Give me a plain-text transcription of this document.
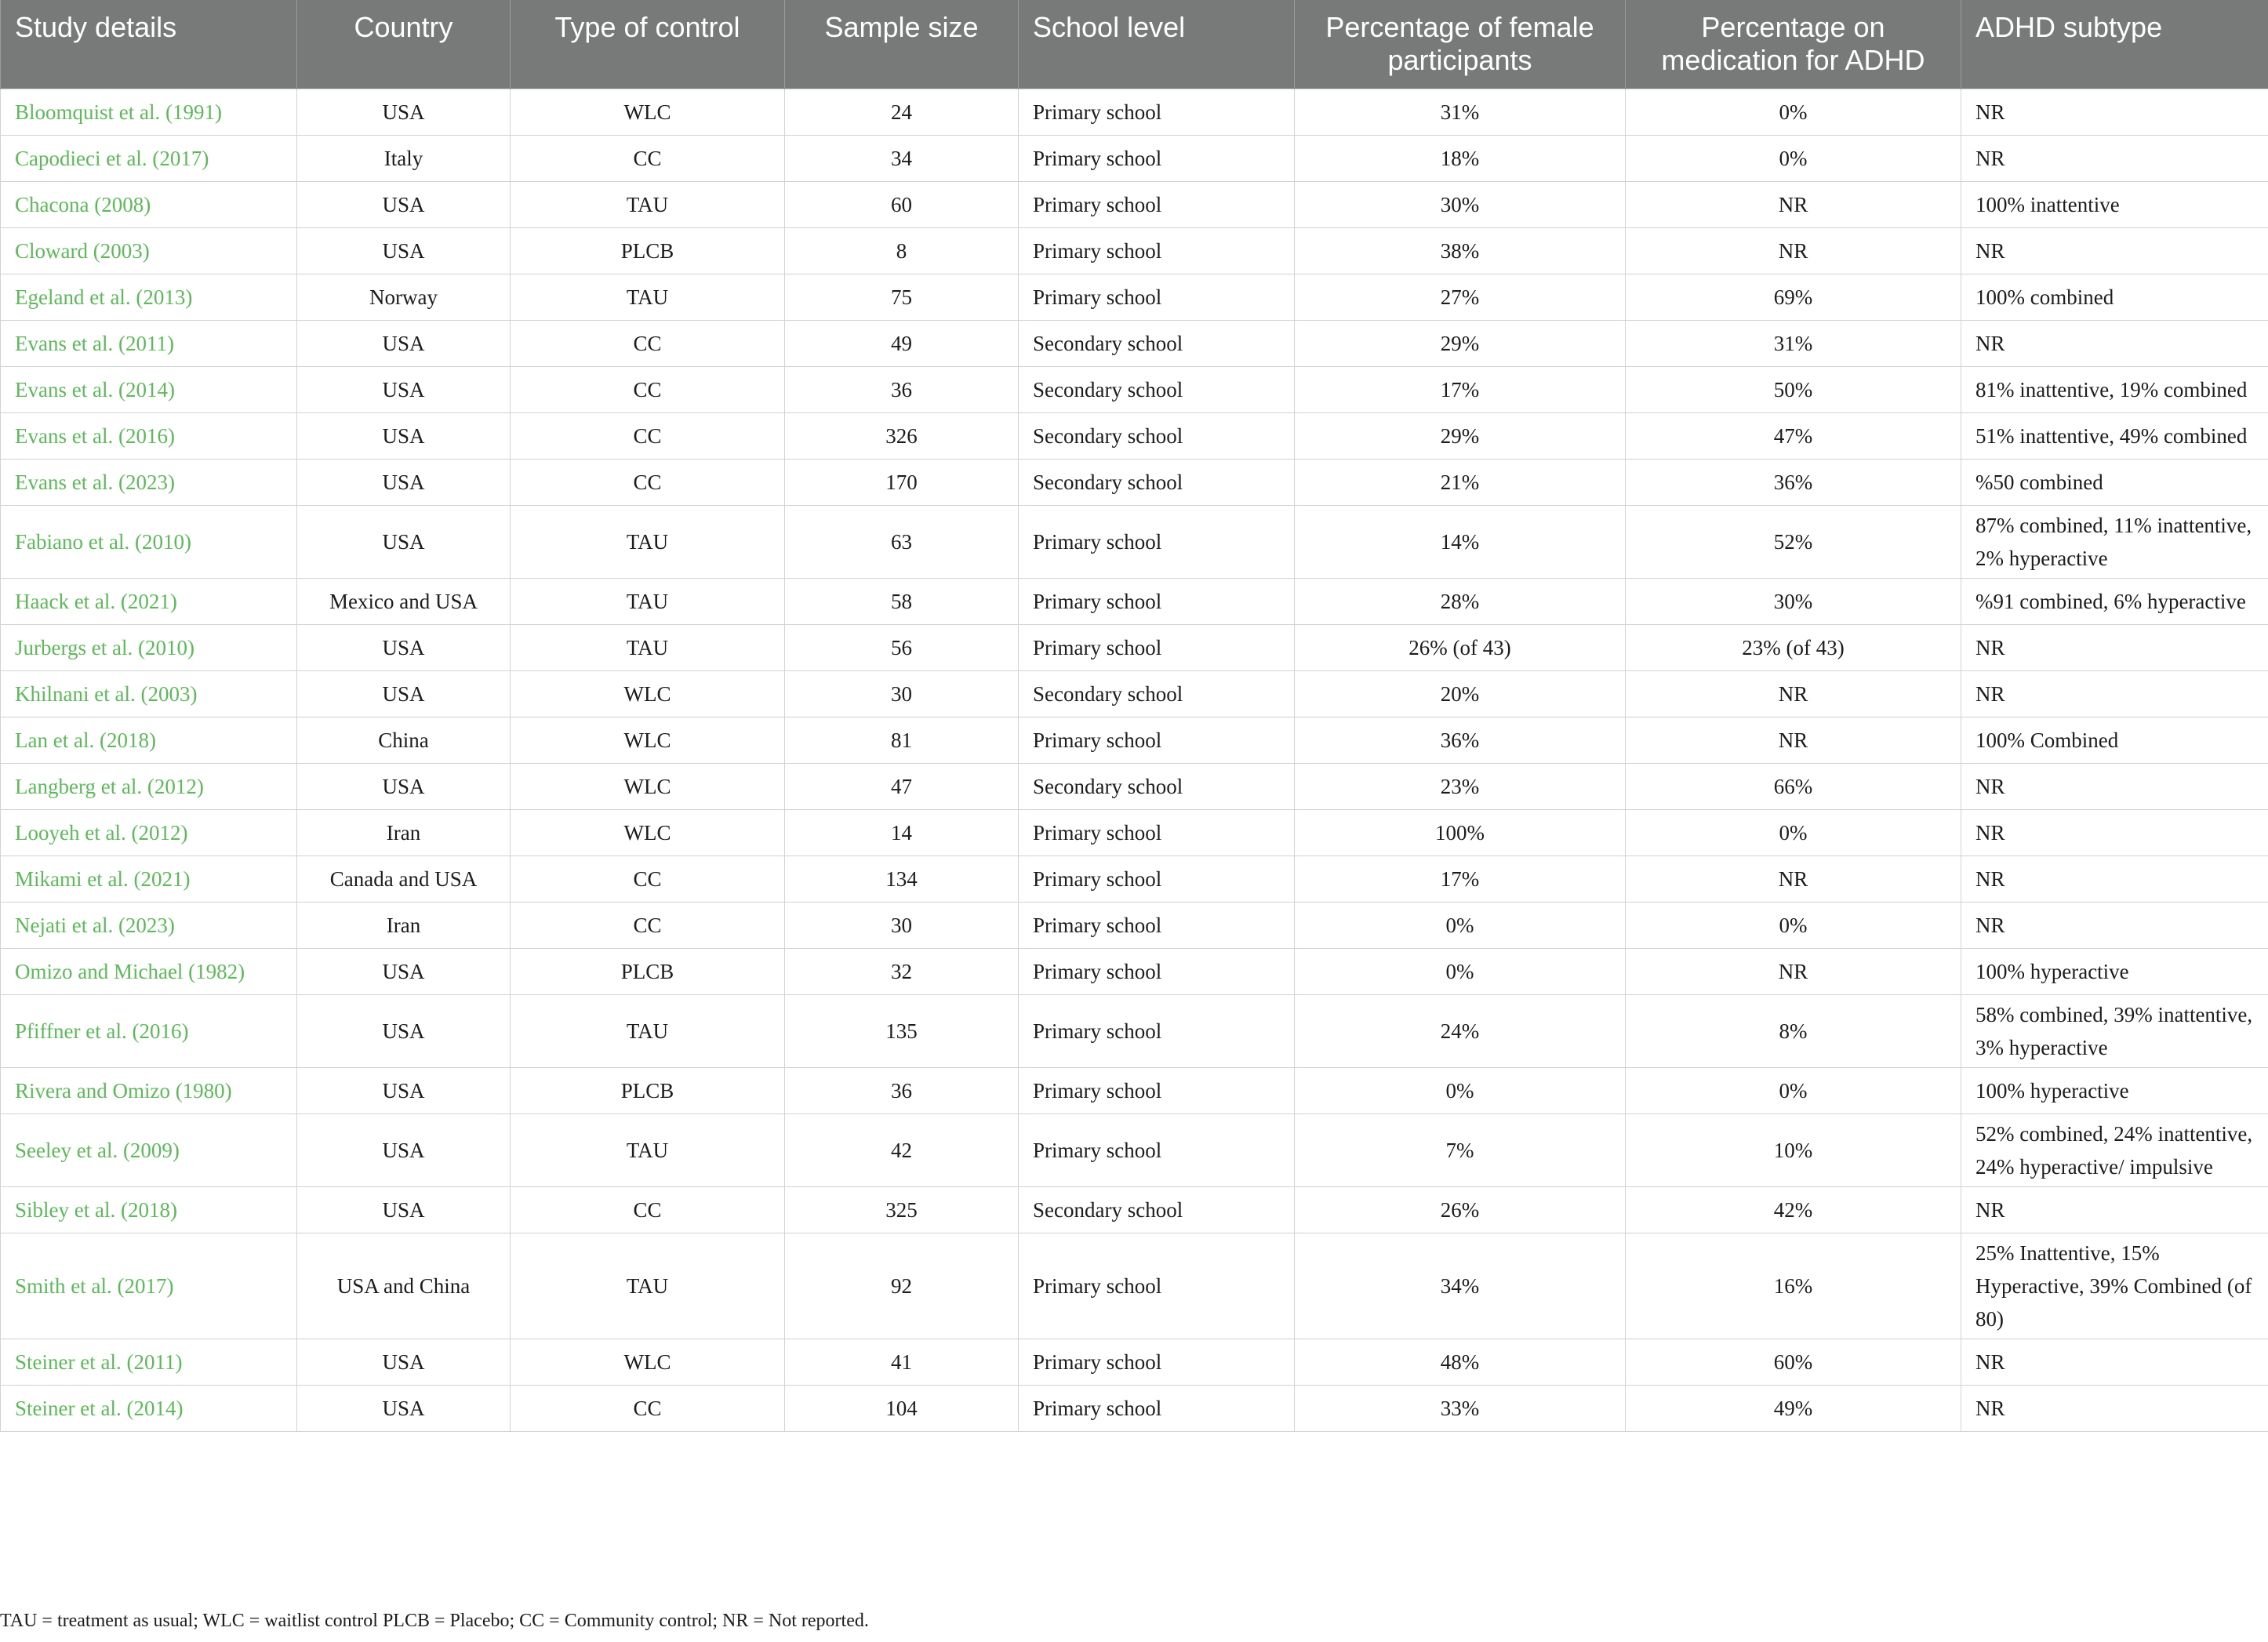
Study details	Country	Type of control	Sample size	School level	Percentage of female participants	Percentage on medication for ADHD	ADHD subtype
Bloomquist et al. (1991)	USA	WLC	24	Primary school	31%	0%	NR
Capodieci et al. (2017)	Italy	CC	34	Primary school	18%	0%	NR
Chacona (2008)	USA	TAU	60	Primary school	30%	NR	100% inattentive
Cloward (2003)	USA	PLCB	8	Primary school	38%	NR	NR
Egeland et al. (2013)	Norway	TAU	75	Primary school	27%	69%	100% combined
Evans et al. (2011)	USA	CC	49	Secondary school	29%	31%	NR
Evans et al. (2014)	USA	CC	36	Secondary school	17%	50%	81% inattentive, 19% combined
Evans et al. (2016)	USA	CC	326	Secondary school	29%	47%	51% inattentive, 49% combined
Evans et al. (2023)	USA	CC	170	Secondary school	21%	36%	%50 combined
Fabiano et al. (2010)	USA	TAU	63	Primary school	14%	52%	87% combined, 11% inattentive, 2% hyperactive
Haack et al. (2021)	Mexico and USA	TAU	58	Primary school	28%	30%	%91 combined, 6% hyperactive
Jurbergs et al. (2010)	USA	TAU	56	Primary school	26% (of 43)	23% (of 43)	NR
Khilnani et al. (2003)	USA	WLC	30	Secondary school	20%	NR	NR
Lan et al. (2018)	China	WLC	81	Primary school	36%	NR	100% Combined
Langberg et al. (2012)	USA	WLC	47	Secondary school	23%	66%	NR
Looyeh et al. (2012)	Iran	WLC	14	Primary school	100%	0%	NR
Mikami et al. (2021)	Canada and USA	CC	134	Primary school	17%	NR	NR
Nejati et al. (2023)	Iran	CC	30	Primary school	0%	0%	NR
Omizo and Michael (1982)	USA	PLCB	32	Primary school	0%	NR	100% hyperactive
Pfiffner et al. (2016)	USA	TAU	135	Primary school	24%	8%	58% combined, 39% inattentive, 3% hyperactive
Rivera and Omizo (1980)	USA	PLCB	36	Primary school	0%	0%	100% hyperactive
Seeley et al. (2009)	USA	TAU	42	Primary school	7%	10%	52% combined, 24% inattentive, 24% hyperactive/ impulsive
Sibley et al. (2018)	USA	CC	325	Secondary school	26%	42%	NR
Smith et al. (2017)	USA and China	TAU	92	Primary school	34%	16%	25% Inattentive, 15% Hyperactive, 39% Combined (of 80)
Steiner et al. (2011)	USA	WLC	41	Primary school	48%	60%	NR
Steiner et al. (2014)	USA	CC	104	Primary school	33%	49%	NR
TAU = treatment as usual; WLC = waitlist control PLCB = Placebo; CC = Community control; NR = Not reported.
